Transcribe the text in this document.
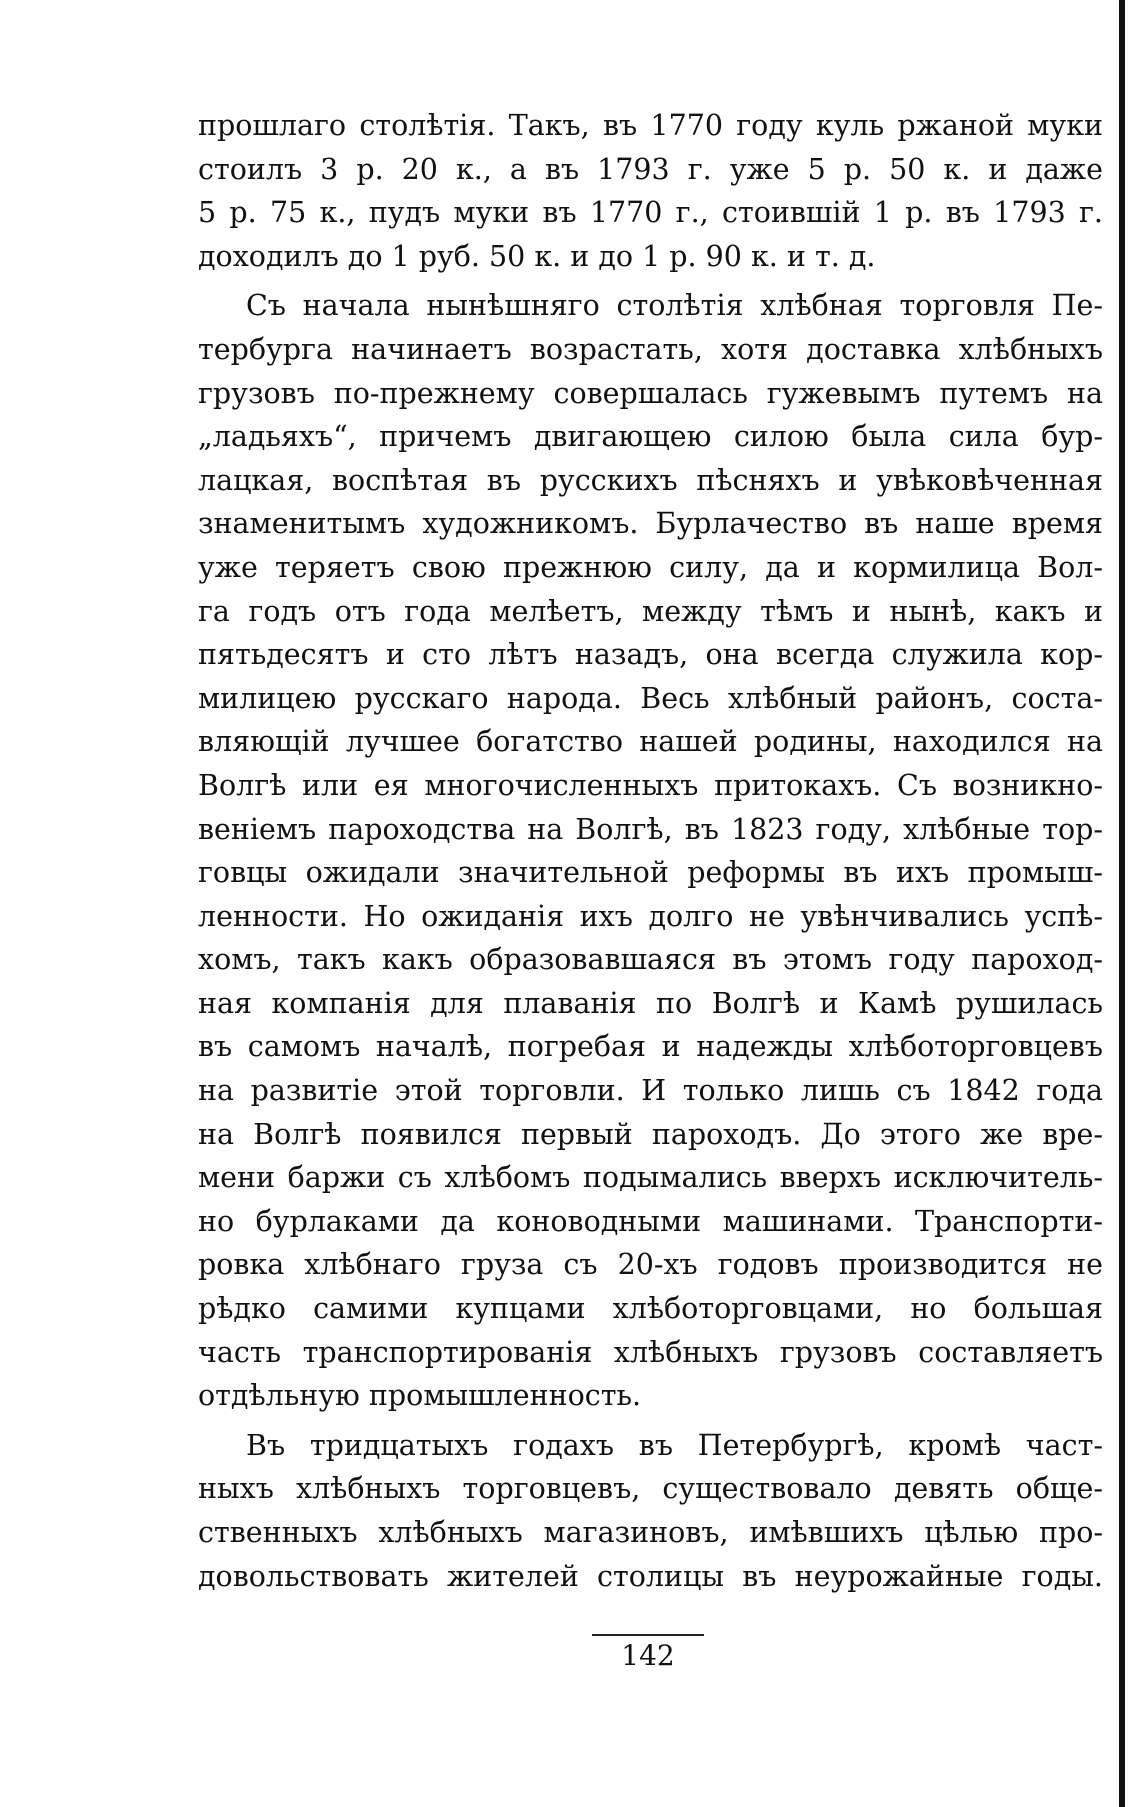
прошлаго столѣтія. Такъ, въ 1770 году куль ржаной муки
стоилъ 3 р. 20 к., а въ 1793 г. уже 5 р. 50 к. и даже
5 р. 75 к., пудъ муки въ 1770 г., стоившій 1 р. въ 1793 г.
доходилъ до 1 руб. 50 к. и до 1 р. 90 к. и т. д.

Съ начала нынѣшняго столѣтія хлѣбная торговля Пе-
тербурга начинаетъ возрастать, хотя доставка хлѣбныхъ
грузовъ по-прежнему совершалась гужевымъ путемъ на
„ладьяхъ“, причемъ двигающею силою была сила бур-
лацкая, воспѣтая въ русскихъ пѣсняхъ и увѣковѣченная
знаменитымъ художникомъ. Бурлачество въ наше время
уже теряетъ свою прежнюю силу, да и кормилица Вол-
га годъ отъ года мелѣетъ, между тѣмъ и нынѣ, какъ и
пятьдесятъ и сто лѣтъ назадъ, она всегда служила кор-
милицею русскаго народа. Весь хлѣбный районъ, соста-
вляющій лучшее богатство нашей родины, находился на
Волгѣ или ея многочисленныхъ притокахъ. Съ возникно-
веніемъ пароходства на Волгѣ, въ 1823 году, хлѣбные тор-
говцы ожидали значительной реформы въ ихъ промыш-
ленности. Но ожиданія ихъ долго не увѣнчивались успѣ-
хомъ, такъ какъ образовавшаяся въ этомъ году пароход-
ная компанія для плаванія по Волгѣ и Камѣ рушилась
въ самомъ началѣ, погребая и надежды хлѣботорговцевъ
на развитіе этой торговли. И только лишь съ 1842 года
на Волгѣ появился первый пароходъ. До этого же вре-
мени баржи съ хлѣбомъ подымались вверхъ исключитель-
но бурлаками да коноводными машинами. Транспорти-
ровка хлѣбнаго груза съ 20-хъ годовъ производится не
рѣдко самими купцами хлѣботорговцами, но большая
часть транспортированія хлѣбныхъ грузовъ составляетъ
отдѣльную промышленность.

Въ тридцатыхъ годахъ въ Петербургѣ, кромѣ част-
ныхъ хлѣбныхъ торговцевъ, существовало девять обще-
ственныхъ хлѣбныхъ магазиновъ, имѣвшихъ цѣлью про-
довольствовать жителей столицы въ неурожайные годы.

142
